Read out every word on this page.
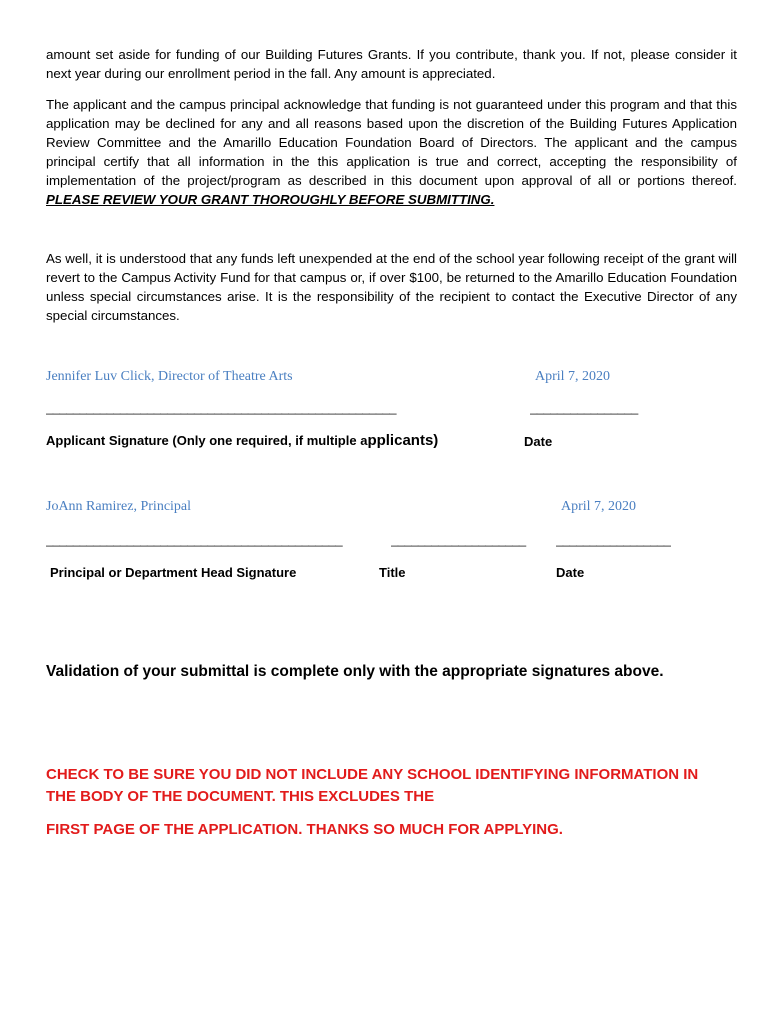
amount set aside for funding of our Building Futures Grants. If you contribute, thank you. If not, please consider it next year during our enrollment period in the fall. Any amount is appreciated.

The applicant and the campus principal acknowledge that funding is not guaranteed under this program and that this application may be declined for any and all reasons based upon the discretion of the Building Futures Application Review Committee and the Amarillo Education Foundation Board of Directors. The applicant and the campus principal certify that all information in the this application is true and correct, accepting the responsibility of implementation of the project/program as described in this document upon approval of all or portions thereof. PLEASE REVIEW YOUR GRANT THOROUGHLY BEFORE SUBMITTING.

As well, it is understood that any funds left unexpended at the end of the school year following receipt of the grant will revert to the Campus Activity Fund for that campus or, if over $100, be returned to the Amarillo Education Foundation unless special circumstances arise. It is the responsibility of the recipient to contact the Executive Director of any special circumstances.

Jennifer Luv Click, Director of Theatre Arts	April 7, 2020
____________________________________________________	________________
Applicant Signature (Only one required, if multiple applicants)	Date
JoAnn Ramirez, Principal	April 7, 2020
____________________________________________	____________________	_________________
Principal or Department Head Signature	Title	Date
Validation of your submittal is complete only with the appropriate signatures above.

CHECK TO BE SURE YOU DID NOT INCLUDE ANY SCHOOL IDENTIFYING INFORMATION IN

THE BODY OF THE DOCUMENT. THIS EXCLUDES THE

FIRST PAGE OF THE APPLICATION. THANKS SO MUCH FOR APPLYING.
